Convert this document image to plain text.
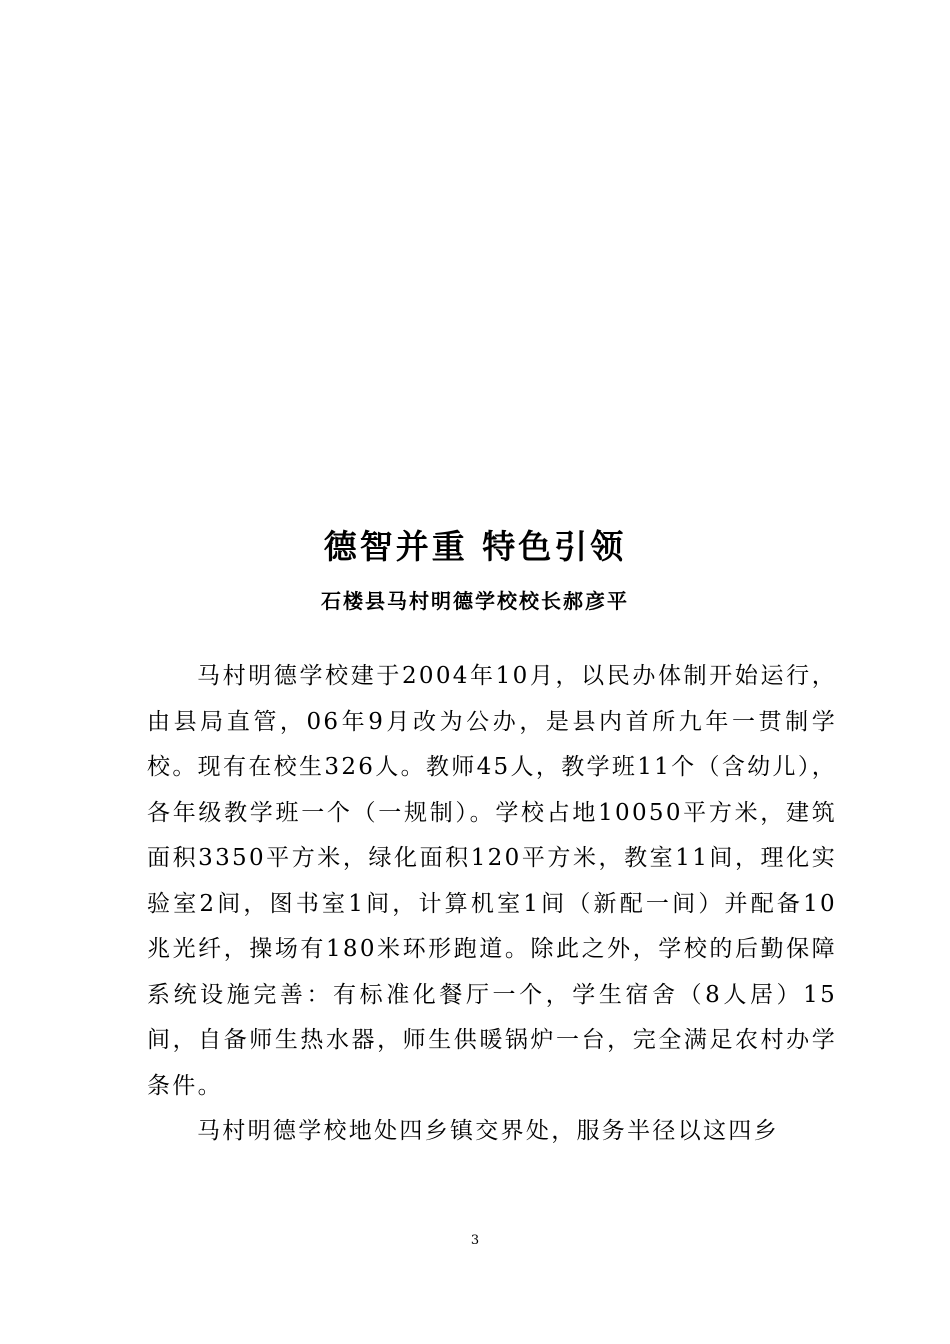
德智并重 特色引领
石楼县马村明德学校校长郝彦平

马村明德学校建于2004年10月，以民办体制开始运行，由县局直管，06年9月改为公办，是县内首所九年一贯制学校。现有在校生326人。教师45人，教学班11个（含幼儿），各年级教学班一个（一规制）。学校占地10050平方米，建筑面积3350平方米，绿化面积120平方米，教室11间，理化实验室2间，图书室1间，计算机室1间（新配一间）并配备10兆光纤，操场有180米环形跑道。除此之外，学校的后勤保障系统设施完善：有标准化餐厅一个，学生宿舍（8人居）15间，自备师生热水器，师生供暖锅炉一台，完全满足农村办学条件。

马村明德学校地处四乡镇交界处，服务半径以这四乡

3
